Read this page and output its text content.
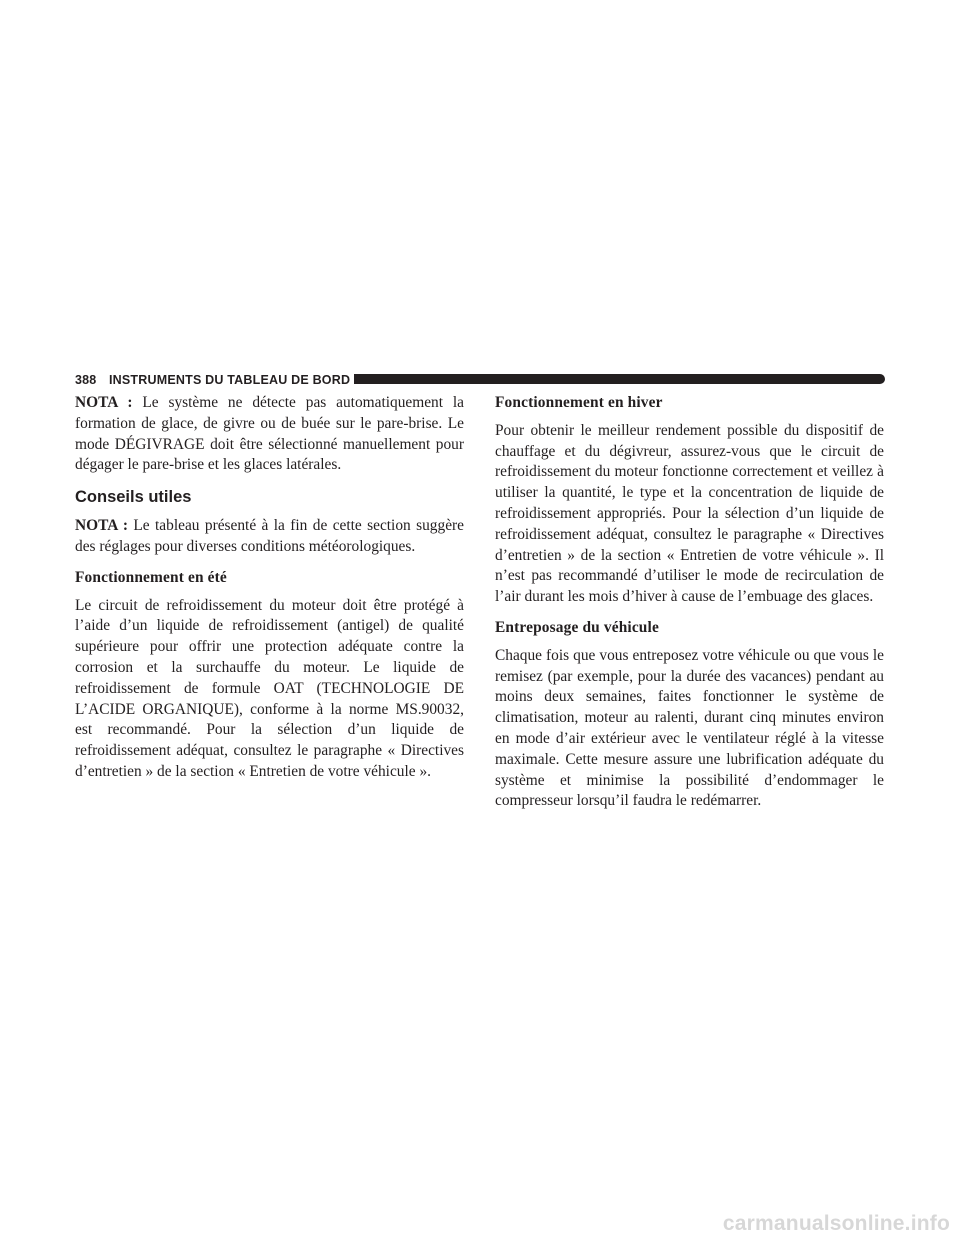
388 INSTRUMENTS DU TABLEAU DE BORD

NOTA : Le système ne détecte pas automatiquement la formation de glace, de givre ou de buée sur le pare-brise. Le mode DÉGIVRAGE doit être sélectionné manuellement pour dégager le pare-brise et les glaces latérales.

Conseils utiles

NOTA : Le tableau présenté à la fin de cette section suggère des réglages pour diverses conditions météorologiques.

Fonctionnement en été

Le circuit de refroidissement du moteur doit être protégé à l’aide d’un liquide de refroidissement (antigel) de qualité supérieure pour offrir une protection adéquate contre la corrosion et la surchauffe du moteur. Le liquide de refroidissement de formule OAT (TECHNOLOGIE DE L’ACIDE ORGANIQUE), conforme à la norme MS.90032, est recommandé. Pour la sélection d’un liquide de refroidissement adéquat, consultez le paragraphe « Directives d’entretien » de la section « Entretien de votre véhicule ».

Fonctionnement en hiver

Pour obtenir le meilleur rendement possible du dispositif de chauffage et du dégivreur, assurez-vous que le circuit de refroidissement du moteur fonctionne correctement et veillez à utiliser la quantité, le type et la concentration de liquide de refroidissement appropriés. Pour la sélection d’un liquide de refroidissement adéquat, consultez le paragraphe « Directives d’entretien » de la section « Entretien de votre véhicule ». Il n’est pas recommandé d’utiliser le mode de recirculation de l’air durant les mois d’hiver à cause de l’embuage des glaces.

Entreposage du véhicule

Chaque fois que vous entreposez votre véhicule ou que vous le remisez (par exemple, pour la durée des vacances) pendant au moins deux semaines, faites fonctionner le système de climatisation, moteur au ralenti, durant cinq minutes environ en mode d’air extérieur avec le ventilateur réglé à la vitesse maximale. Cette mesure assure une lubrification adéquate du système et minimise la possibilité d’endommager le compresseur lorsqu’il faudra le redémarrer.

carmanualsonline.info
